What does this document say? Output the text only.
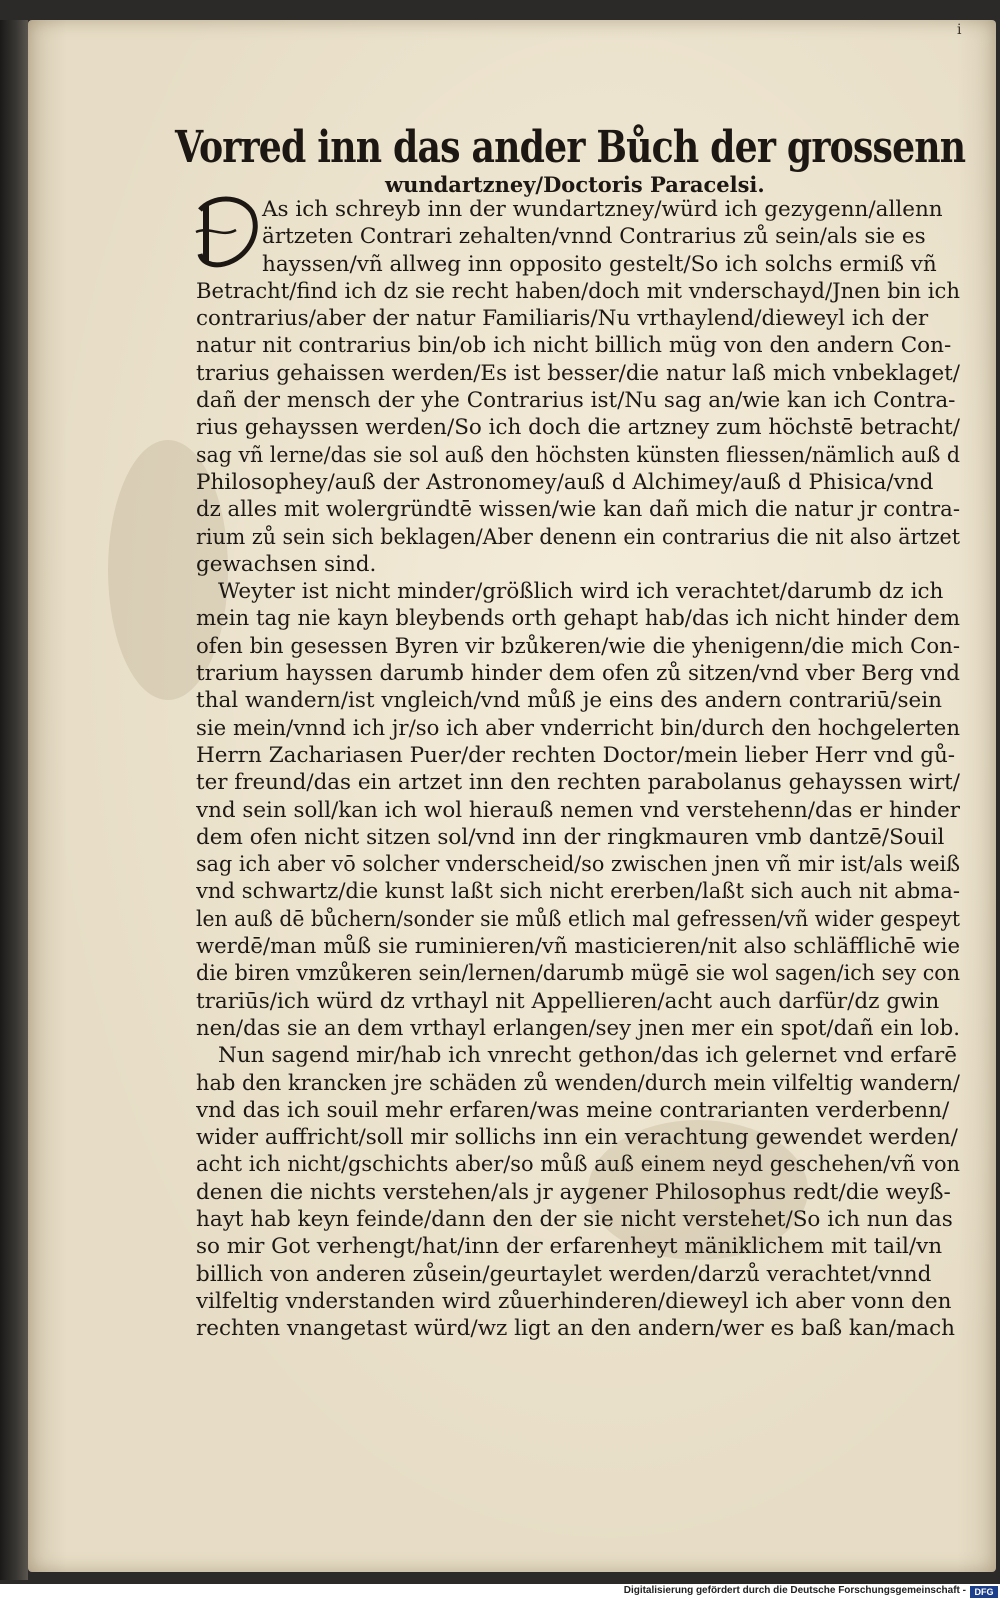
i
Vorred inn das ander Bůch der grossenn
wundartzney/Doctoris Paracelsi.
As ich schreyb inn der wundartzney/würd ich gezygenn/allenn
ärtzeten Contrari zehalten/vnnd Contrarius zů sein/als sie es
hayssen/vñ allweg inn opposito gestelt/So ich solchs ermiß vñ
Betracht/find ich dz sie recht haben/doch mit vnderschayd/Jnen bin ich
contrarius/aber der natur Familiaris/Nu vrthaylend/dieweyl ich der
natur nit contrarius bin/ob ich nicht billich müg von den andern Con-
trarius gehaissen werden/Es ist besser/die natur laß mich vnbeklaget/
dañ der mensch der yhe Contrarius ist/Nu sag an/wie kan ich Contra-
rius gehayssen werden/So ich doch die artzney zum höchstē betracht/
sag vñ lerne/das sie sol auß den höchsten künsten fliessen/nämlich auß d
Philosophey/auß der Astronomey/auß d Alchimey/auß d Phisica/vnd
dz alles mit wolergründtē wissen/wie kan dañ mich die natur jr contra-
rium zů sein sich beklagen/Aber denenn ein contrarius die nit also ärtzet
gewachsen sind.
Weyter ist nicht minder/größlich wird ich verachtet/darumb dz ich
mein tag nie kayn bleybends orth gehapt hab/das ich nicht hinder dem
ofen bin gesessen Byren vir bzůkeren/wie die yhenigenn/die mich Con-
trarium hayssen darumb hinder dem ofen zů sitzen/vnd vber Berg vnd
thal wandern/ist vngleich/vnd můß je eins des andern contrariū/sein
sie mein/vnnd ich jr/so ich aber vnderricht bin/durch den hochgelerten
Herrn Zachariasen Puer/der rechten Doctor/mein lieber Herr vnd gů-
ter freund/das ein artzet inn den rechten parabolanus gehayssen wirt/
vnd sein soll/kan ich wol hierauß nemen vnd verstehenn/das er hinder
dem ofen nicht sitzen sol/vnd inn der ringkmauren vmb dantzē/Souil
sag ich aber vō solcher vnderscheid/so zwischen jnen vñ mir ist/als weiß
vnd schwartz/die kunst laßt sich nicht ererben/laßt sich auch nit abma-
len auß dē bůchern/sonder sie můß etlich mal gefressen/vñ wider gespeyt
werdē/man můß sie ruminieren/vñ masticieren/nit also schläfflichē wie
die biren vmzůkeren sein/lernen/darumb mügē sie wol sagen/ich sey con
trariūs/ich würd dz vrthayl nit Appellieren/acht auch darfür/dz gwin
nen/das sie an dem vrthayl erlangen/sey jnen mer ein spot/dañ ein lob.
Nun sagend mir/hab ich vnrecht gethon/das ich gelernet vnd erfarē
hab den krancken jre schäden zů wenden/durch mein vilfeltig wandern/
vnd das ich souil mehr erfaren/was meine contrarianten verderbenn/
wider auffricht/soll mir sollichs inn ein verachtung gewendet werden/
acht ich nicht/gschichts aber/so můß auß einem neyd geschehen/vñ von
denen die nichts verstehen/als jr aygener Philosophus redt/die weyß-
hayt hab keyn feinde/dann den der sie nicht verstehet/So ich nun das
so mir Got verhengt/hat/inn der erfarenheyt mäniklichem mit tail/vn
billich von anderen zůsein/geurtaylet werden/darzů verachtet/vnnd
vilfeltig vnderstanden wird zůuerhinderen/dieweyl ich aber vonn den
rechten vnangetast würd/wz ligt an den andern/wer es baß kan/mach
Digitalisierung gefördert durch die Deutsche Forschungsgemeinschaft - DFG
